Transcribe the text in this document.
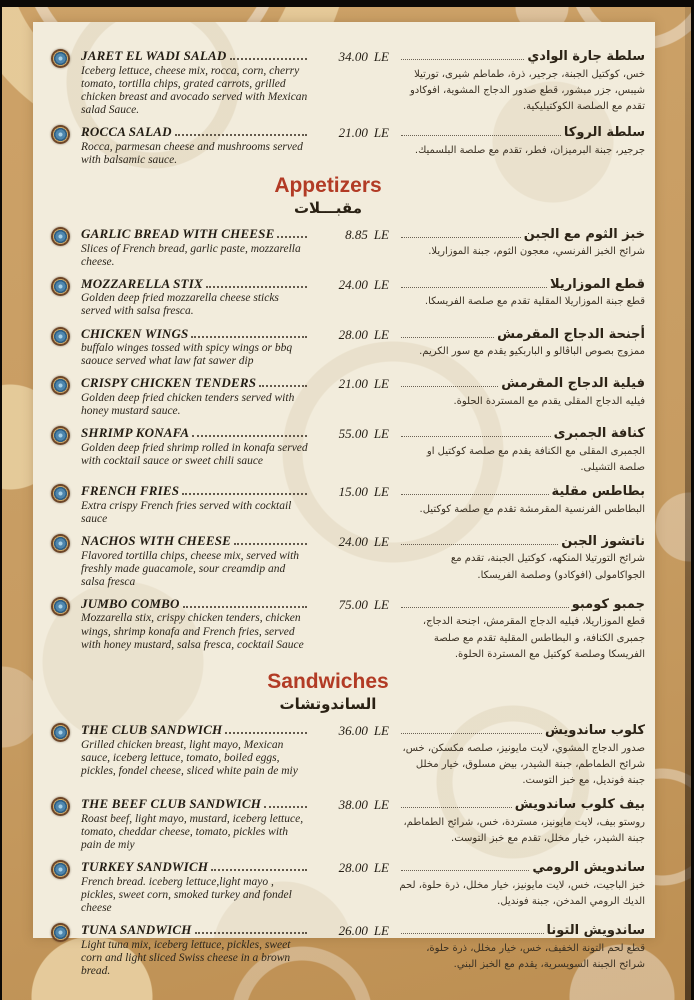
JARET EL WADI SALAD
Iceberg lettuce, cheese mix, rocca, corn, cherry tomato, tortilla chips, grated carrots, grilled chicken breast and avocado served with Mexican salad Sauce.
34.00 LE	سلطة جارة الوادي
خس، كوكتيل الجبنة، جرجير، ذرة، طماطم شيرى، تورتيلا شيبس، جزر مبشور، قطع صدور الدجاج المشوية، افوكادو تقدم مع الصلصة الكوكتيليكية.
ROCCA SALAD
Rocca, parmesan cheese and mushrooms served with balsamic sauce.
21.00 LE	سلطة الروكا
جرجير، جبنة البرميزان، فطر، تقدم مع صلصة البلسميك.
Appetizers
مقبـــلات
GARLIC BREAD WITH CHEESE
Slices of French bread, garlic paste, mozzarella cheese.
8.85 LE	خبز الثوم مع الجبن
شرائح الخبز الفرنسي، معجون الثوم، جبنة الموزاريلا.
MOZZARELLA STIX
Golden deep fried mozzarella cheese sticks served with salsa fresca.
24.00 LE	قطع الموزاريلا
قطع جبنة الموزاريلا المقلية تقدم مع صلصة الفريسكا.
CHICKEN WINGS
buffalo winges tossed with spicy wings or bbq saouce served what law fat sawer dip
28.00 LE	أجنحة الدجاج المقرمش
ممزوج بصوص الباڤالو و الباربكيو يقدم مع سور الكريم.
CRISPY CHICKEN TENDERS
Golden deep fried chicken tenders served with honey mustard sauce.
21.00 LE	فيلية الدجاج المقرمش
فيليه الدجاج المقلى يقدم مع المستردة الحلوة.
SHRIMP KONAFA
Golden deep fried shrimp rolled in konafa served with cocktail sauce or sweet chili sauce
55.00 LE	كنافة الجمبرى
الجمبرى المقلى مع الكنافة يقدم مع صلصة كوكتيل او صلصة التشيلى.
FRENCH FRIES
Extra crispy French fries served with cocktail sauce
15.00 LE	بطاطس مقلية
البطاطس الفرنسية المقرمشة تقدم مع صلصة كوكتيل.
NACHOS WITH CHEESE
Flavored tortilla chips, cheese mix, served with freshly made guacamole, sour creamdip and salsa fresca
24.00 LE	ناتشوز الجبن
شرائح التورتيلا المنكهه، كوكتيل الجبنة، تقدم مع الجواكامولى (افوكادو) وصلصة الفريسكا.
JUMBO COMBO
Mozzarella stix, crispy chicken tenders, chicken wings, shrimp konafa and French fries, served with honey mustard, salsa fresca, cocktail Sauce
75.00 LE	جمبو كومبو
قطع الموزاريلا، فيليه الدجاج المقرمش، اجنحة الدجاج، جمبرى الكنافة، و البطاطس المقلية تقدم مع صلصة الفريسكا وصلصة كوكتيل مع المستردة الحلوة.
Sandwiches
الساندوتشات
THE CLUB SANDWICH
Grilled chicken breast, light mayo, Mexican sauce, iceberg lettuce, tomato, boiled eggs, pickles, fondel cheese, sliced white pain de miy
36.00 LE	كلوب ساندويش
صدور الدجاج المشوي، لايت مايونيز، صلصه مكسكن، خس، شرائح الطماطم، جبنة الشيدر، بيض مسلوق، خيار مخلل جبنة فونديل، مع خبز التوست.
THE BEEF CLUB SANDWICH
Roast beef, light mayo, mustard, iceberg lettuce, tomato, cheddar cheese, tomato, pickles with pain de miy
38.00 LE	بيف كلوب ساندويش
روستو بيف، لايت مايونيز، مستردة، خس، شرائح الطماطم، جبنة الشيدر، خيار مخلل، تقدم مع خبز التوست.
TURKEY SANDWICH
French bread. iceberg lettuce,light mayo , pickles, sweet corn, smoked turkey and fondel cheese
28.00 LE	ساندويش الرومي
خبز الباجيت، خس، لايت مايونيز، خيار مخلل، ذرة حلوة، لحم الديك الرومي المدخن، جبنة فونديل.
TUNA SANDWICH
Light tuna mix, iceberg lettuce, pickles, sweet corn and light sliced Swiss cheese in a brown bread.
26.00 LE	ساندويش التونا
قطع لحم التونة الخفيف، خس، خيار مخلل، ذرة حلوة، شرائح الجبنة السويسرية، يقدم مع الخبز البني.
